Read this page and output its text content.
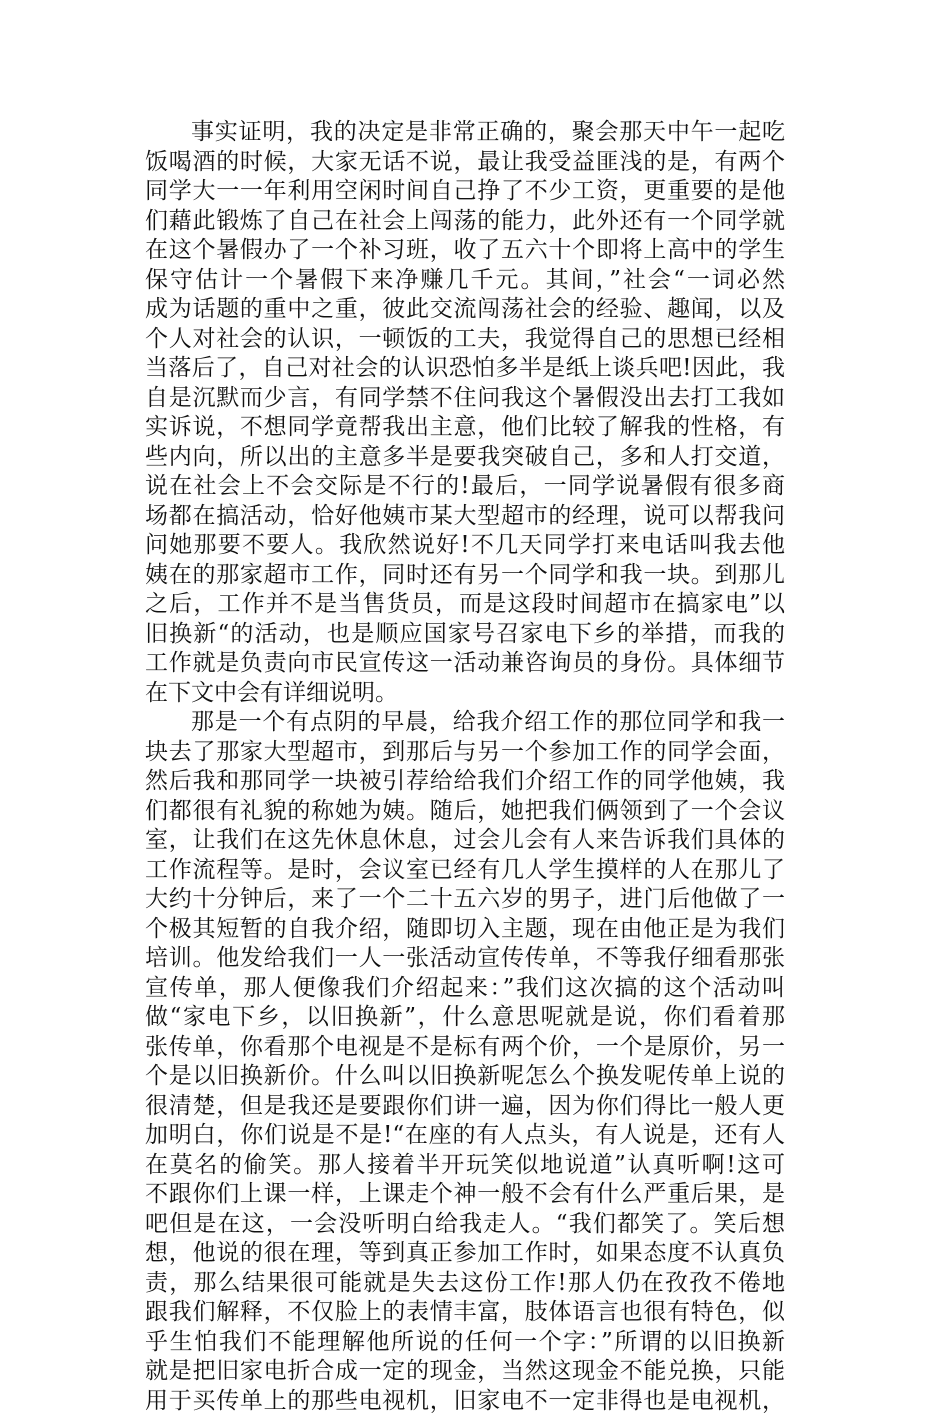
事实证明，我的决定是非常正确的，聚会那天中午一起吃
饭喝酒的时候，大家无话不说，最让我受益匪浅的是，有两个
同学大一一年利用空闲时间自己挣了不少工资，更重要的是他
们藉此锻炼了自己在社会上闯荡的能力，此外还有一个同学就
在这个暑假办了一个补习班，收了五六十个即将上高中的学生
保守估计一个暑假下来净赚几千元。其间，”社会“一词必然
成为话题的重中之重，彼此交流闯荡社会的经验、趣闻，以及
个人对社会的认识，一顿饭的工夫，我觉得自己的思想已经相
当落后了，自己对社会的认识恐怕多半是纸上谈兵吧!因此，我
自是沉默而少言，有同学禁不住问我这个暑假没出去打工我如
实诉说，不想同学竟帮我出主意，他们比较了解我的性格，有
些内向，所以出的主意多半是要我突破自己，多和人打交道，
说在社会上不会交际是不行的!最后，一同学说暑假有很多商
场都在搞活动，恰好他姨市某大型超市的经理，说可以帮我问
问她那要不要人。我欣然说好!不几天同学打来电话叫我去他
姨在的那家超市工作，同时还有另一个同学和我一块。到那儿
之后，工作并不是当售货员，而是这段时间超市在搞家电”以
旧换新“的活动，也是顺应国家号召家电下乡的举措，而我的
工作就是负责向市民宣传这一活动兼咨询员的身份。具体细节
在下文中会有详细说明。
那是一个有点阴的早晨，给我介绍工作的那位同学和我一
块去了那家大型超市，到那后与另一个参加工作的同学会面，
然后我和那同学一块被引荐给给我们介绍工作的同学他姨，我
们都很有礼貌的称她为姨。随后，她把我们俩领到了一个会议
室，让我们在这先休息休息，过会儿会有人来告诉我们具体的
工作流程等。是时，会议室已经有几人学生摸样的人在那儿了
大约十分钟后，来了一个二十五六岁的男子，进门后他做了一
个极其短暂的自我介绍，随即切入主题，现在由他正是为我们
培训。他发给我们一人一张活动宣传传单，不等我仔细看那张
宣传单，那人便像我们介绍起来：”我们这次搞的这个活动叫
做“家电下乡，以旧换新”，什么意思呢就是说，你们看着那
张传单，你看那个电视是不是标有两个价，一个是原价，另一
个是以旧换新价。什么叫以旧换新呢怎么个换发呢传单上说的
很清楚，但是我还是要跟你们讲一遍，因为你们得比一般人更
加明白，你们说是不是!“在座的有人点头，有人说是，还有人
在莫名的偷笑。那人接着半开玩笑似地说道”认真听啊!这可
不跟你们上课一样，上课走个神一般不会有什么严重后果，是
吧但是在这，一会没听明白给我走人。“我们都笑了。笑后想
想，他说的很在理，等到真正参加工作时，如果态度不认真负
责，那么结果很可能就是失去这份工作!那人仍在孜孜不倦地
跟我们解释，不仅脸上的表情丰富，肢体语言也很有特色，似
乎生怕我们不能理解他所说的任何一个字：”所谓的以旧换新
就是把旧家电折合成一定的现金，当然这现金不能兑换，只能
用于买传单上的那些电视机，旧家电不一定非得也是电视机，
